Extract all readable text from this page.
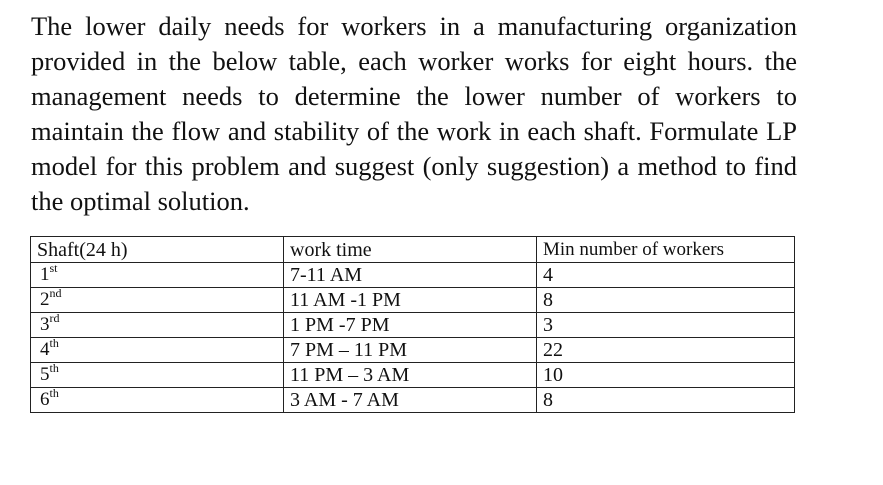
The lower daily needs for workers in a manufacturing organization provided in the below table, each worker works for eight hours. the management needs to determine the lower number of workers to maintain the flow and stability of the work in each shaft. Formulate LP model for this problem and suggest (only suggestion) a method to find the optimal solution.

Shaft(24 h)	work time	Min number of workers
1st	7-11 AM	4
2nd	11 AM -1 PM	8
3rd	1 PM -7 PM	3
4th	7 PM – 11 PM	22
5th	11 PM – 3 AM	10
6th	3 AM - 7 AM	8
